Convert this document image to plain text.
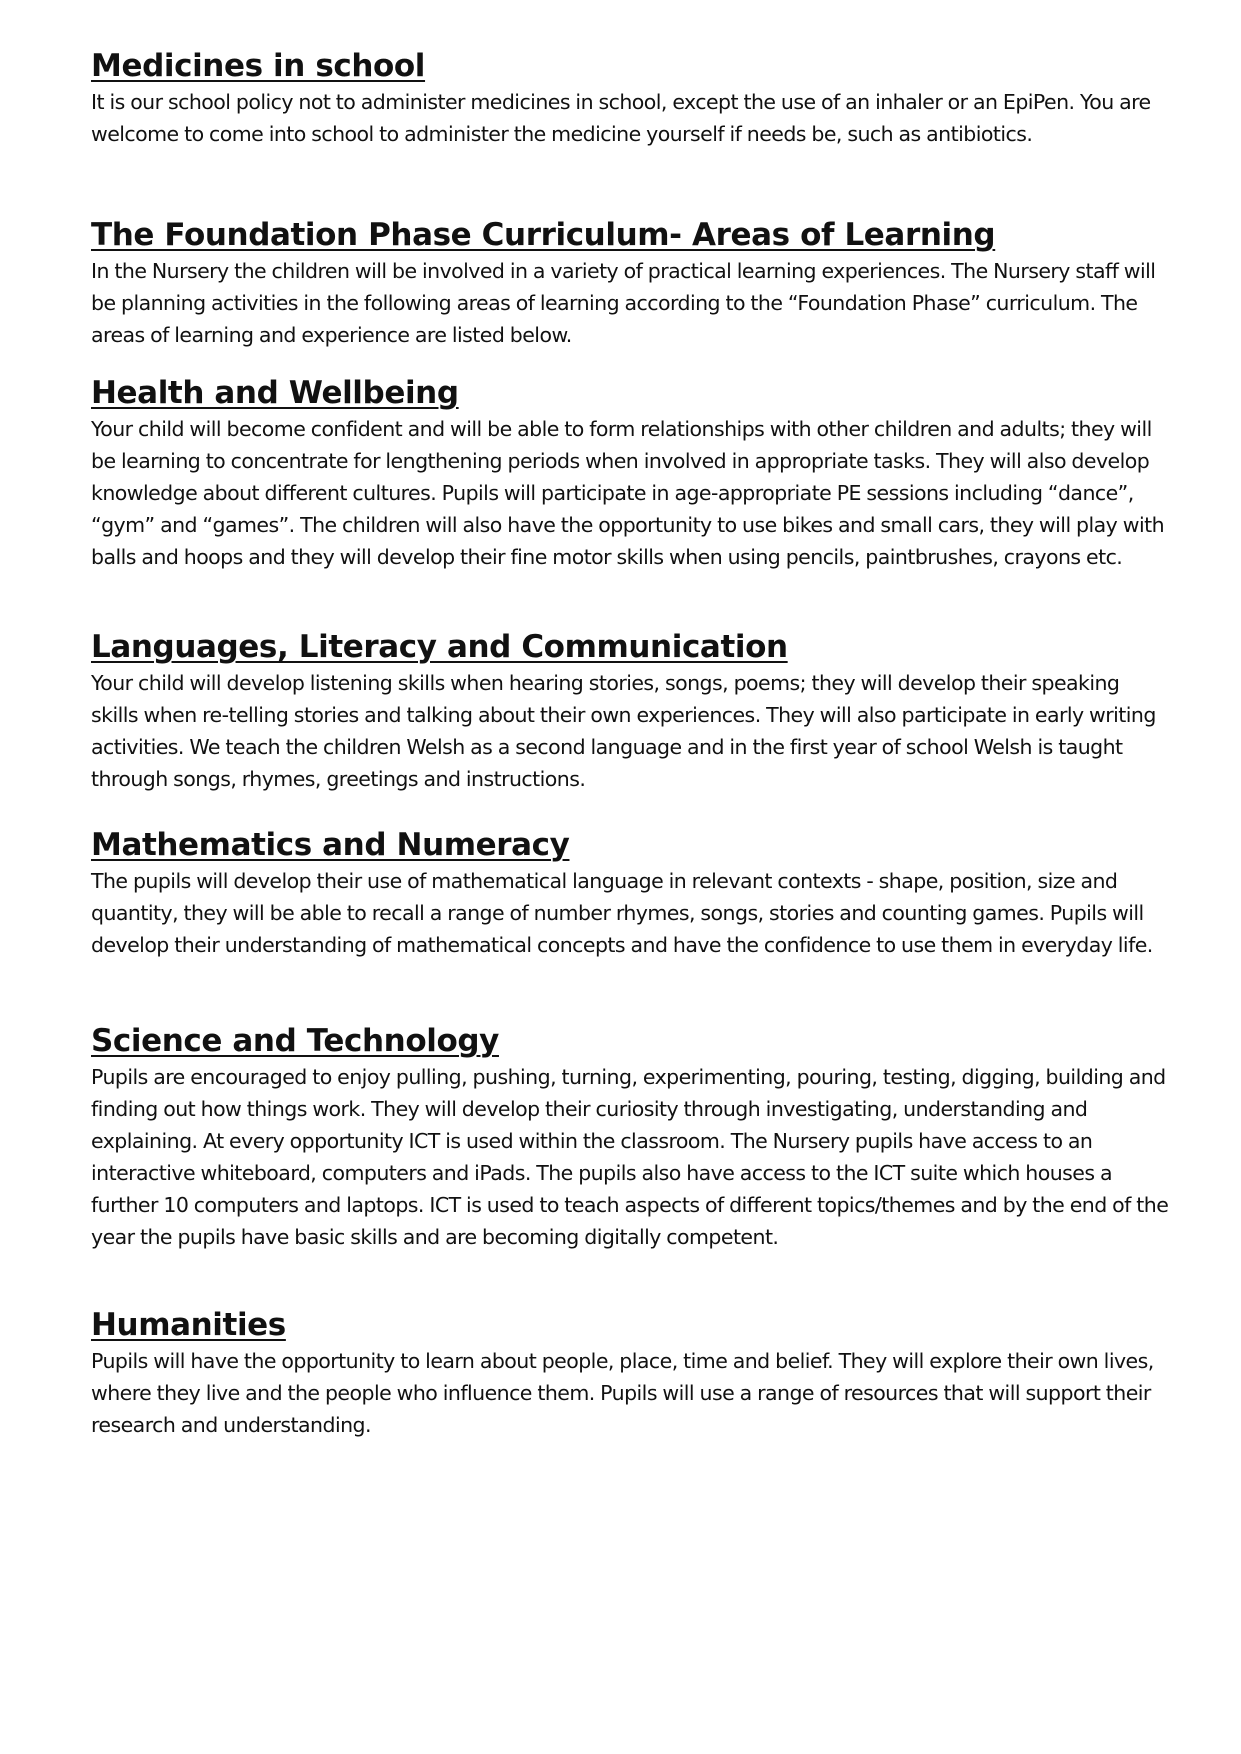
Medicines in school

It is our school policy not to administer medicines in school, except the use of an inhaler or an EpiPen. You are welcome to come into school to administer the medicine yourself if needs be, such as antibiotics.

The Foundation Phase Curriculum- Areas of Learning

In the Nursery the children will be involved in a variety of practical learning experiences. The Nursery staff will be planning activities in the following areas of learning according to the “Foundation Phase” curriculum. The areas of learning and experience are listed below.

Health and Wellbeing

Your child will become confident and will be able to form relationships with other children and adults; they will be learning to concentrate for lengthening periods when involved in appropriate tasks. They will also develop knowledge about different cultures. Pupils will participate in age-appropriate PE sessions including “dance”, “gym” and “games”. The children will also have the opportunity to use bikes and small cars, they will play with balls and hoops and they will develop their fine motor skills when using pencils, paintbrushes, crayons etc.

Languages, Literacy and Communication

Your child will develop listening skills when hearing stories, songs, poems; they will develop their speaking skills when re-telling stories and talking about their own experiences. They will also participate in early writing activities. We teach the children Welsh as a second language and in the first year of school Welsh is taught through songs, rhymes, greetings and instructions.

Mathematics and Numeracy

The pupils will develop their use of mathematical language in relevant contexts - shape, position, size and quantity, they will be able to recall a range of number rhymes, songs, stories and counting games. Pupils will develop their understanding of mathematical concepts and have the confidence to use them in everyday life.

Science and Technology

Pupils are encouraged to enjoy pulling, pushing, turning, experimenting, pouring, testing, digging, building and finding out how things work. They will develop their curiosity through investigating, understanding and explaining. At every opportunity ICT is used within the classroom. The Nursery pupils have access to an interactive whiteboard, computers and iPads. The pupils also have access to the ICT suite which houses a further 10 computers and laptops. ICT is used to teach aspects of different topics/themes and by the end of the year the pupils have basic skills and are becoming digitally competent.

Humanities

Pupils will have the opportunity to learn about people, place, time and belief. They will explore their own lives, where they live and the people who influence them. Pupils will use a range of resources that will support their research and understanding.
